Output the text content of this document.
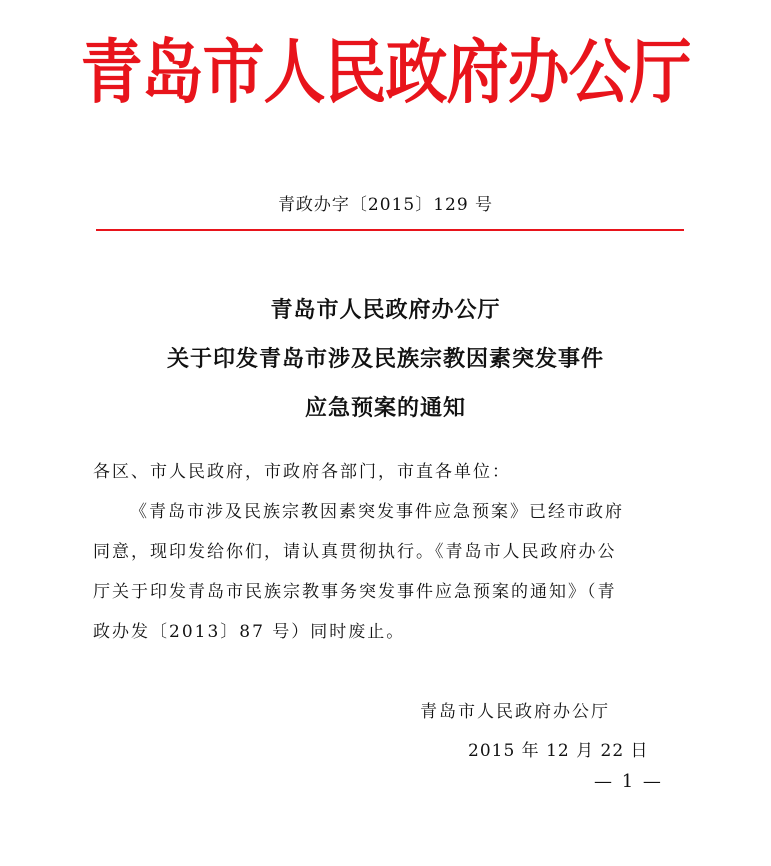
青岛市人民政府办公厅
青政办字〔2015〕129 号
青岛市人民政府办公厅
关于印发青岛市涉及民族宗教因素突发事件
应急预案的通知
各区、市人民政府，市政府各部门，市直各单位：
《青岛市涉及民族宗教因素突发事件应急预案》已经市政府
同意，现印发给你们，请认真贯彻执行。《青岛市人民政府办公
厅关于印发青岛市民族宗教事务突发事件应急预案的通知》（青
政办发〔2013〕87 号）同时废止。
青岛市人民政府办公厅
2015 年 12 月 22 日
— 1 —
